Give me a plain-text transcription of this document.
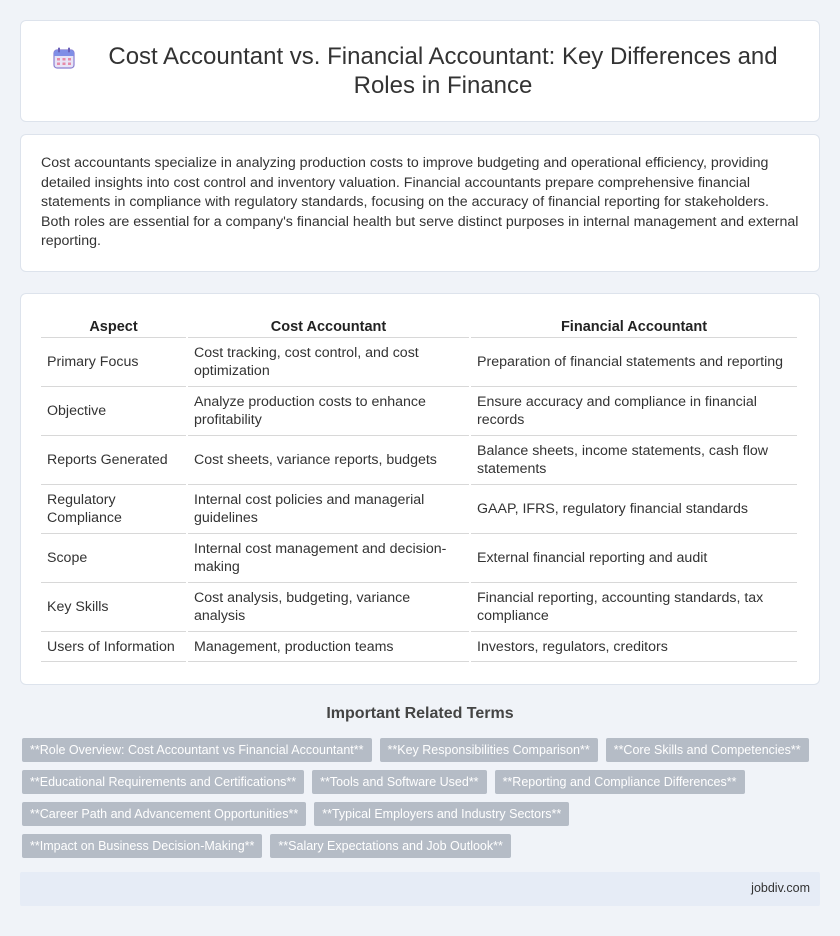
Cost Accountant vs. Financial Accountant: Key Differences and Roles in Finance

Cost accountants specialize in analyzing production costs to improve budgeting and operational efficiency, providing detailed insights into cost control and inventory valuation. Financial accountants prepare comprehensive financial statements in compliance with regulatory standards, focusing on the accuracy of financial reporting for stakeholders. Both roles are essential for a company's financial health but serve distinct purposes in internal management and external reporting.

Aspect	Cost Accountant	Financial Accountant
Primary Focus	Cost tracking, cost control, and cost optimization	Preparation of financial statements and reporting
Objective	Analyze production costs to enhance profitability	Ensure accuracy and compliance in financial records
Reports Generated	Cost sheets, variance reports, budgets	Balance sheets, income statements, cash flow statements
Regulatory Compliance	Internal cost policies and managerial guidelines	GAAP, IFRS, regulatory financial standards
Scope	Internal cost management and decision-making	External financial reporting and audit
Key Skills	Cost analysis, budgeting, variance analysis	Financial reporting, accounting standards, tax compliance
Users of Information	Management, production teams	Investors, regulators, creditors
Important Related Terms
**Role Overview: Cost Accountant vs Financial Accountant**	**Key Responsibilities Comparison**	**Core Skills and Competencies**
**Educational Requirements and Certifications**	**Tools and Software Used**	**Reporting and Compliance Differences**
**Career Path and Advancement Opportunities**	**Typical Employers and Industry Sectors**
**Impact on Business Decision-Making**	**Salary Expectations and Job Outlook**
jobdiv.com
